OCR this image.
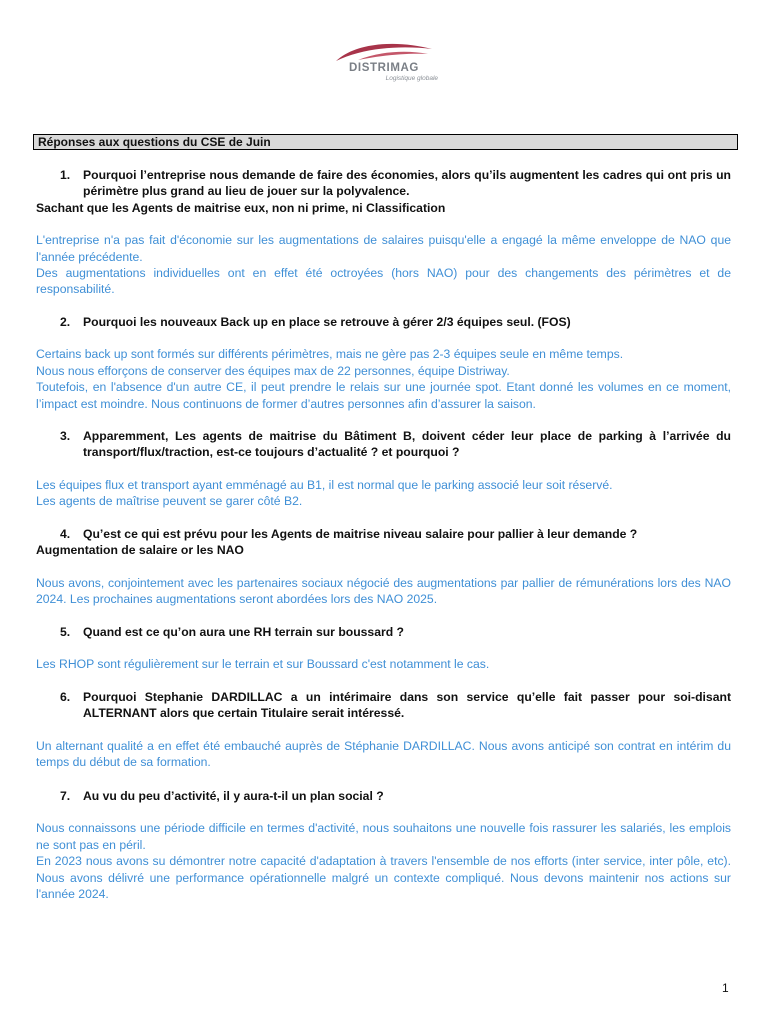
DISTRIMAG
Logistique globale
Réponses aux questions du CSE de Juin
1. Pourquoi l’entreprise nous demande de faire des économies, alors qu’ils augmentent les cadres qui ont pris un périmètre plus grand au lieu de jouer sur la polyvalence.
Sachant que les Agents de maitrise eux, non ni prime, ni Classification

L'entreprise n'a pas fait d'économie sur les augmentations de salaires puisqu'elle a engagé la même enveloppe de NAO que l'année précédente.

Des augmentations individuelles ont en effet été octroyées (hors NAO) pour des changements des périmètres et de responsabilité.

2. Pourquoi les nouveaux Back up en place se retrouve à gérer 2/3 équipes seul. (FOS)

Certains back up sont formés sur différents périmètres, mais ne gère pas 2-3 équipes seule en même temps.

Nous nous efforçons de conserver des équipes max de 22 personnes, équipe Distriway.

Toutefois, en l'absence d'un autre CE, il peut prendre le relais sur une journée spot. Etant donné les volumes en ce moment, l’impact est moindre. Nous continuons de former d’autres personnes afin d’assurer la saison.

3. Apparemment, Les agents de maitrise du Bâtiment B, doivent céder leur place de parking à l’arrivée du transport/flux/traction, est-ce toujours d’actualité ? et pourquoi ?

Les équipes flux et transport ayant emménagé au B1, il est normal que le parking associé leur soit réservé.

Les agents de maîtrise peuvent se garer côté B2.

4. Qu’est ce qui est prévu pour les Agents de maitrise niveau salaire pour pallier à leur demande ?
Augmentation de salaire or les NAO

Nous avons, conjointement avec les partenaires sociaux négocié des augmentations par pallier de rémunérations lors des NAO 2024. Les prochaines augmentations seront abordées lors des NAO 2025.

5. Quand est ce qu’on aura une RH terrain sur boussard ?

Les RHOP sont régulièrement sur le terrain et sur Boussard c'est notamment le cas.

6. Pourquoi Stephanie DARDILLAC a un intérimaire dans son service qu’elle fait passer pour soi-disant ALTERNANT alors que certain Titulaire serait intéressé.

Un alternant qualité a en effet été embauché auprès de Stéphanie DARDILLAC. Nous avons anticipé son contrat en intérim du temps du début de sa formation.

7. Au vu du peu d’activité, il y aura-t-il un plan social ?

Nous connaissons une période difficile en termes d'activité, nous souhaitons une nouvelle fois rassurer les salariés, les emplois ne sont pas en péril.

En 2023 nous avons su démontrer notre capacité d'adaptation à travers l'ensemble de nos efforts (inter service, inter pôle, etc). Nous avons délivré une performance opérationnelle malgré un contexte compliqué. Nous devons maintenir nos actions sur l'année 2024.

1
